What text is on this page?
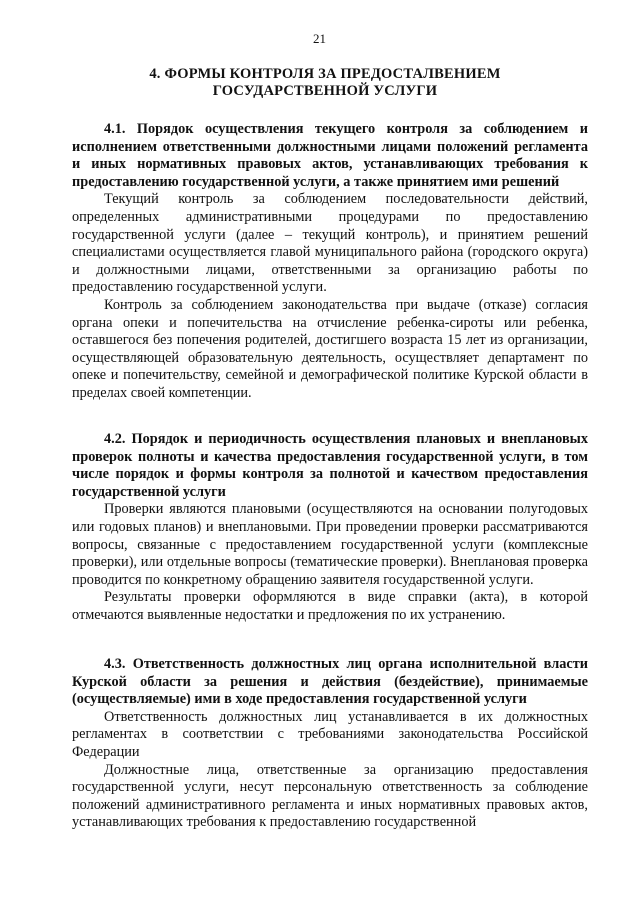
21
4. ФОРМЫ КОНТРОЛЯ ЗА ПРЕДОСТАЛВЕНИЕМ
ГОСУДАРСТВЕННОЙ УСЛУГИ

4.1. Порядок осуществления текущего контроля за соблюдением и исполнением ответственными должностными лицами положений регламента и иных нормативных правовых актов, устанавливающих требования к предоставлению государственной услуги, а также принятием ими решений

Текущий контроль за соблюдением последовательности действий, определенных административными процедурами по предоставлению государственной услуги (далее – текущий контроль), и принятием решений специалистами осуществляется главой муниципального района (городского округа) и должностными лицами, ответственными за организацию работы по предоставлению государственной услуги.

Контроль за соблюдением законодательства при выдаче (отказе) согласия органа опеки и попечительства на отчисление ребенка-сироты или ребенка, оставшегося без попечения родителей, достигшего возраста 15 лет из организации, осуществляющей образовательную деятельность, осуществляет департамент по опеке и попечительству, семейной и демографической политике Курской области в пределах своей компетенции.

4.2. Порядок и периодичность осуществления плановых и внеплановых проверок полноты и качества предоставления государственной услуги, в том числе порядок и формы контроля за полнотой и качеством предоставления государственной услуги

Проверки являются плановыми (осуществляются на основании полугодовых или годовых планов) и внеплановыми. При проведении проверки рассматриваются вопросы, связанные с предоставлением государственной услуги (комплексные проверки), или отдельные вопросы (тематические проверки). Внеплановая проверка проводится по конкретному обращению заявителя государственной услуги.

Результаты проверки оформляются в виде справки (акта), в которой отмечаются выявленные недостатки и предложения по их устранению.

4.3. Ответственность должностных лиц органа исполнительной власти Курской области за решения и действия (бездействие), принимаемые (осуществляемые) ими в ходе предоставления государственной услуги

Ответственность должностных лиц устанавливается в их должностных регламентах в соответствии с требованиями законодательства Российской Федерации

Должностные лица, ответственные за организацию предоставления государственной услуги, несут персональную ответственность за соблюдение положений административного регламента и иных нормативных правовых актов, устанавливающих требования к предоставлению государственной
